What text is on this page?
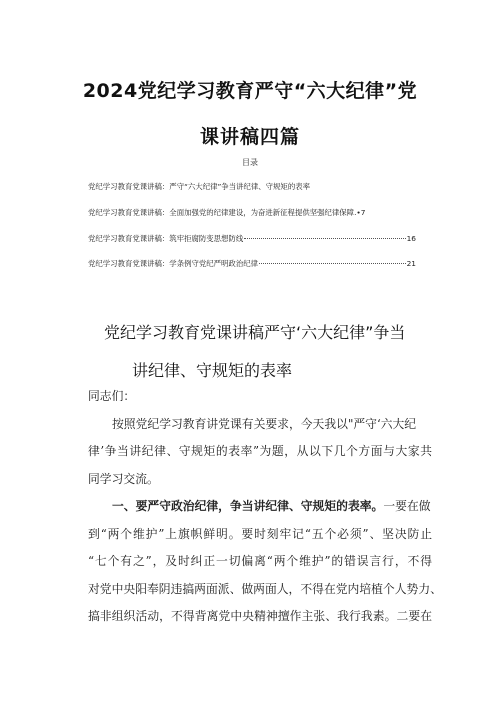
2024党纪学习教育严守“六大纪律”党
课讲稿四篇
目录
党纪学习教育党课讲稿：严守“六大纪律”争当讲纪律、守规矩的表率
党纪学习教育党课讲稿：全面加强党的纪律建设，为奋进新征程提供坚强纪律保障. •7
党纪学习教育党课讲稿：筑牢拒腐防变思想防线	16
党纪学习教育党课讲稿：学条例守党纪严明政治纪律	21
党纪学习教育党课讲稿严守‘六大纪律”争当
讲纪律、守规矩的表率
同志们：
按照党纪学习教育讲党课有关要求，今天我以"严守‘六大纪
律’争当讲纪律、守规矩的表率”为题，从以下几个方面与大家共
同学习交流。
一、要严守政治纪律，争当讲纪律、守规矩的表率。一要在做
到“两个维护”上旗帜鲜明。要时刻牢记“五个必须”、坚决防止
“七个有之”，及时纠正一切偏离“两个维护”的错误言行，不得
对党中央阳奉阴违搞两面派、做两面人，不得在党内培植个人势力、
搞非组织活动，不得背离党中央精神擅作主张、我行我素。二要在
